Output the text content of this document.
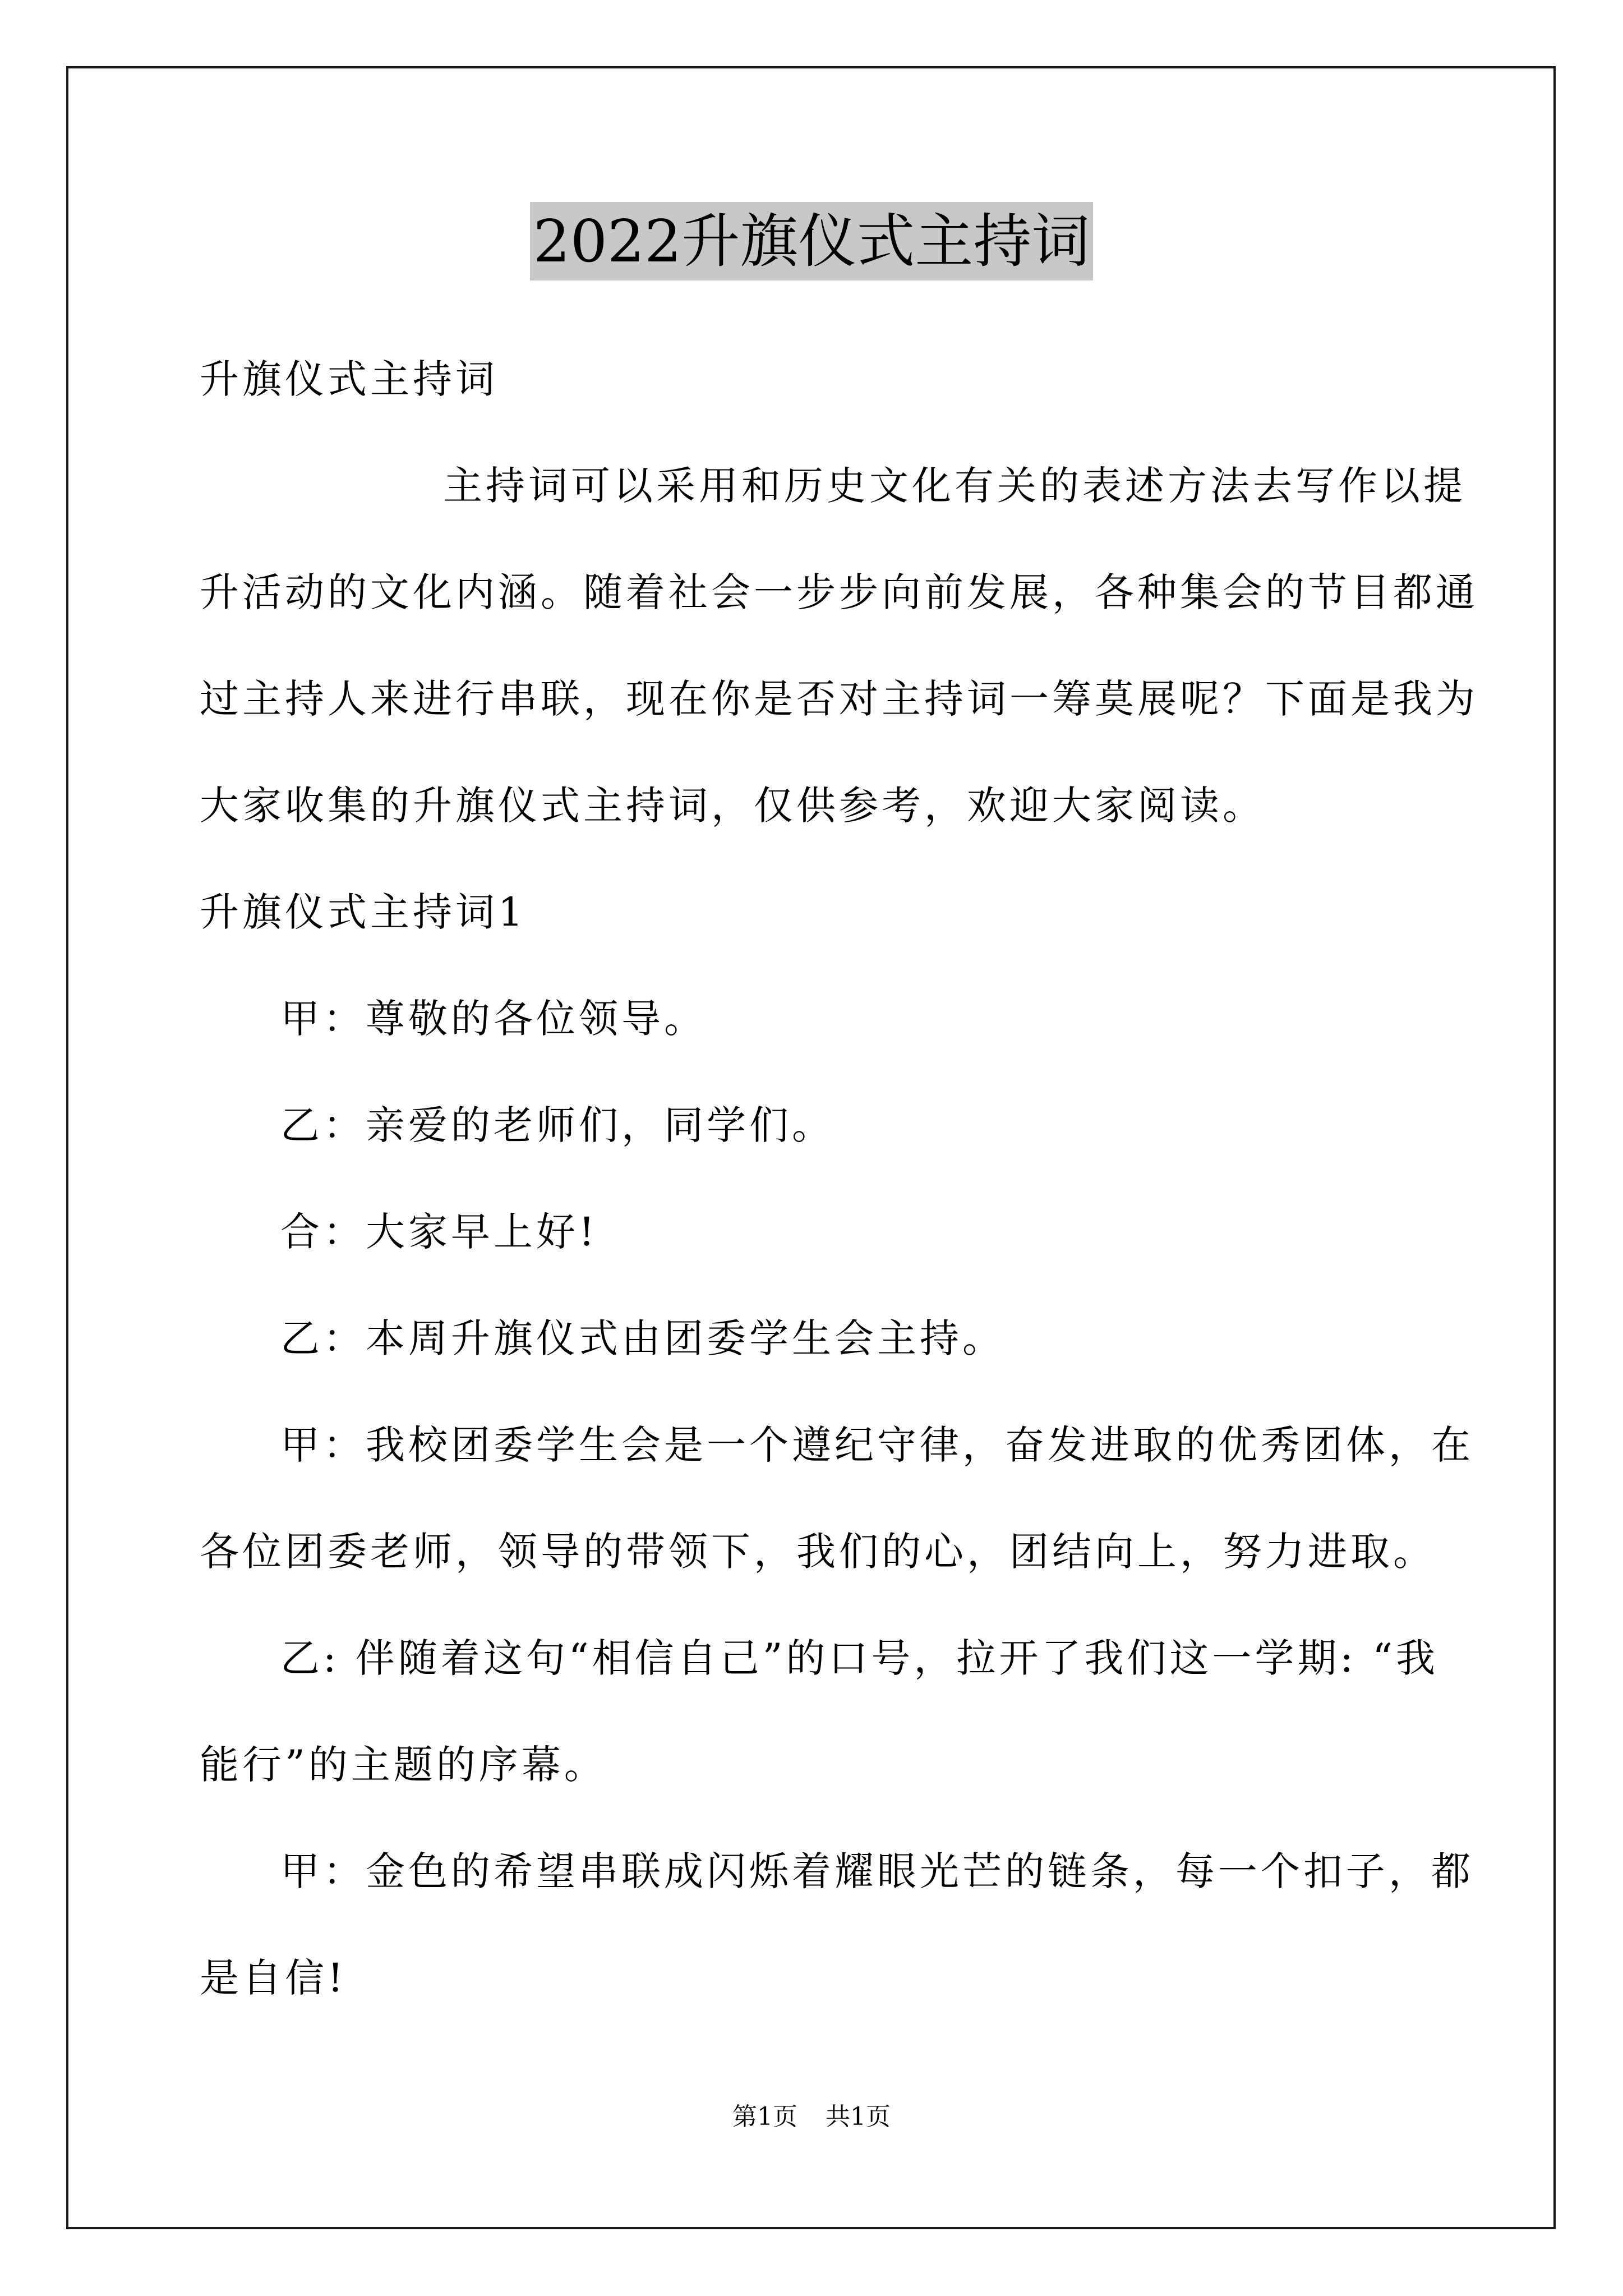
2022升旗仪式主持词
升旗仪式主持词
主持词可以采用和历史文化有关的表述方法去写作以提
升活动的文化内涵。随着社会一步步向前发展，各种集会的节目都通
过主持人来进行串联，现在你是否对主持词一筹莫展呢？下面是我为
大家收集的升旗仪式主持词，仅供参考，欢迎大家阅读。
升旗仪式主持词1
甲：尊敬的各位领导。
乙：亲爱的老师们，同学们。
合：大家早上好!
乙：本周升旗仪式由团委学生会主持。
甲：我校团委学生会是一个遵纪守律，奋发进取的优秀团体，在
各位团委老师，领导的带领下，我们的心，团结向上，努力进取。
乙: 伴随着这句“相信自己”的口号，拉开了我们这一学期: “我
能行”的主题的序幕。
甲：金色的希望串联成闪烁着耀眼光芒的链条，每一个扣子，都
是自信!
第1页 共1页
